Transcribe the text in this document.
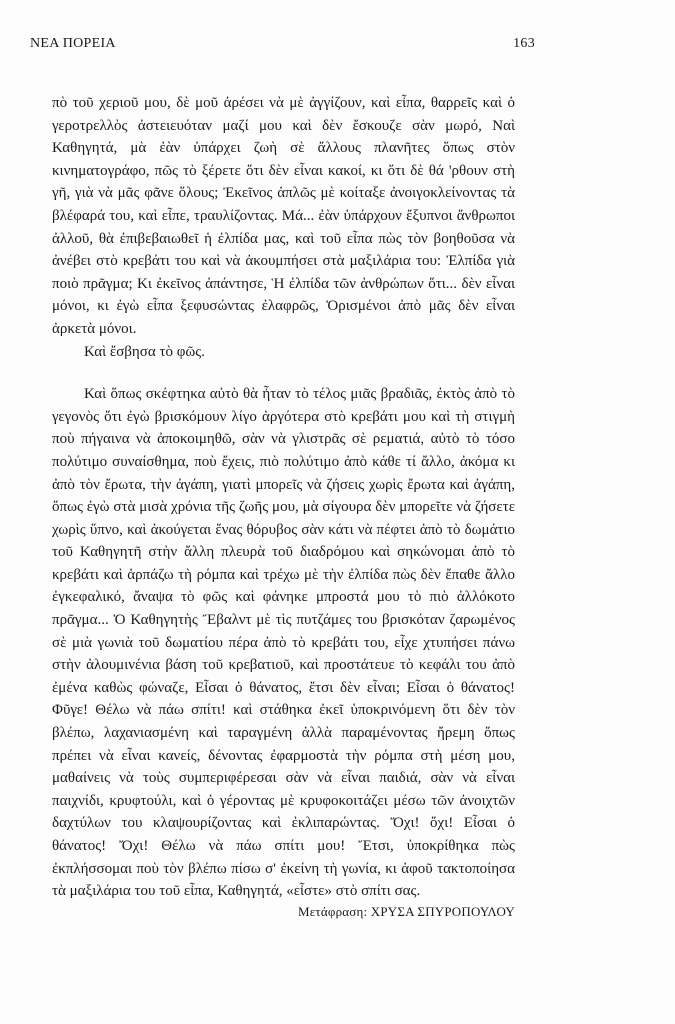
ΝΕΑ ΠΟΡΕΙΑ	163

πὸ τοῦ χεριοῦ μου, δὲ μοῦ ἀρέσει νὰ μὲ ἀγγίζουν, καὶ εἶπα, θαρρεῖς καὶ ὁ γεροτρελλὸς ἀστειευόταν μαζί μου καὶ δὲν ἔσκουζε σὰν μωρό, Ναὶ Καθηγητά, μὰ ἐὰν ὑπάρχει ζωὴ σὲ ἄλλους πλανῆτες ὅπως στὸν κινηματογράφο, πῶς τὸ ξέρετε ὅτι δὲν εἶναι κακοί, κι ὅτι δὲ θά 'ρθουν στὴ γῆ, γιὰ νὰ μᾶς φᾶνε ὅλους; Ἐκεῖνος ἁπλῶς μὲ κοίταξε ἀνοιγοκλείνοντας τὰ βλέφαρά του, καὶ εἶπε, τραυλίζοντας. Μά... ἐὰν ὑπάρχουν ἔξυπνοι ἄνθρωποι ἀλλοῦ, θὰ ἐπιβεβαιωθεῖ ἡ ἐλπίδα μας, καὶ τοῦ εἶπα πὼς τὸν βοηθοῦσα νὰ ἀνέβει στὸ κρεβάτι του καὶ νὰ ἀκουμπήσει στὰ μαξιλάρια του: Ἐλπίδα γιὰ ποιὸ πρᾶγμα; Κι ἐκεῖνος ἀπάντησε, Ἡ ἐλπίδα τῶν ἀνθρώπων ὅτι... δὲν εἶναι μόνοι, κι ἐγὼ εἶπα ξεφυσώντας ἐλαφρῶς, Ὁρισμένοι ἀπὸ μᾶς δὲν εἶναι ἀρκετὰ μόνοι.

Καὶ ἔσβησα τὸ φῶς.

Καὶ ὅπως σκέφτηκα αὐτὸ θὰ ἦταν τὸ τέλος μιᾶς βραδιᾶς, ἐκτὸς ἀπὸ τὸ γεγονὸς ὅτι ἐγὼ βρισκόμουν λίγο ἀργότερα στὸ κρεβάτι μου καὶ τὴ στιγμὴ ποὺ πήγαινα νὰ ἀποκοιμηθῶ, σὰν νὰ γλιστρᾶς σὲ ρεματιά, αὐτὸ τὸ τόσο πολύτιμο συναίσθημα, ποὺ ἔχεις, πιὸ πολύτιμο ἀπὸ κάθε τί ἄλλο, ἀκόμα κι ἀπὸ τὸν ἔρωτα, τὴν ἀγάπη, γιατὶ μπορεῖς νὰ ζήσεις χωρὶς ἔρωτα καὶ ἀγάπη, ὅπως ἐγὼ στὰ μισὰ χρόνια τῆς ζωῆς μου, μὰ σίγουρα δὲν μπορεῖτε νὰ ζήσετε χωρὶς ὕπνο, καὶ ἀκούγεται ἕνας θόρυβος σὰν κάτι νὰ πέφτει ἀπὸ τὸ δωμάτιο τοῦ Καθηγητῆ στὴν ἄλλη πλευρὰ τοῦ διαδρόμου καὶ σηκώνομαι ἀπὸ τὸ κρεβάτι καὶ ἁρπάζω τὴ ρόμπα καὶ τρέχω μὲ τὴν ἐλπίδα πὼς δὲν ἔπαθε ἄλλο ἐγκεφαλικό, ἄναψα τὸ φῶς καὶ φάνηκε μπροστά μου τὸ πιὸ ἀλλόκοτο πρᾶγμα... Ὁ Καθηγητὴς Ἔβαλντ μὲ τὶς πυτζάμες του βρισκόταν ζαρωμένος σὲ μιὰ γωνιὰ τοῦ δωματίου πέρα ἀπὸ τὸ κρεβάτι του, εἶχε χτυπήσει πάνω στὴν ἀλουμινένια βάση τοῦ κρεβατιοῦ, καὶ προστάτευε τὸ κεφάλι του ἀπὸ ἐμένα καθὼς φώναζε, Εἶσαι ὁ θάνατος, ἔτσι δὲν εἶναι; Εἶσαι ὁ θάνατος! Φῦγε! Θέλω νὰ πάω σπίτι! καὶ στάθηκα ἐκεῖ ὑποκρινόμενη ὅτι δὲν τὸν βλέπω, λαχανιασμένη καὶ ταραγμένη ἀλλὰ παραμένοντας ἤρεμη ὅπως πρέπει νὰ εἶναι κανείς, δένοντας ἐφαρμοστὰ τὴν ρόμπα στὴ μέση μου, μαθαίνεις νὰ τοὺς συμπεριφέρεσαι σὰν νὰ εἶναι παιδιά, σὰν νὰ εἶναι παιχνίδι, κρυφτούλι, καὶ ὁ γέροντας μὲ κρυφοκοιτάζει μέσω τῶν ἀνοιχτῶν δαχτύλων του κλαψουρίζοντας καὶ ἐκλιπαρώντας. Ὄχι! ὄχι! Εἶσαι ὁ θάνατος! Ὄχι! Θέλω νὰ πάω σπίτι μου! Ἔτσι, ὑποκρίθηκα πὼς ἐκπλήσσομαι ποὺ τὸν βλέπω πίσω σ' ἐκείνη τὴ γωνία, κι ἀφοῦ τακτοποίησα τὰ μαξιλάρια του τοῦ εἶπα, Καθηγητά, «εἶστε» στὸ σπίτι σας.

Μετάφραση: ΧΡΥΣΑ ΣΠΥΡΟΠΟΥΛΟΥ
